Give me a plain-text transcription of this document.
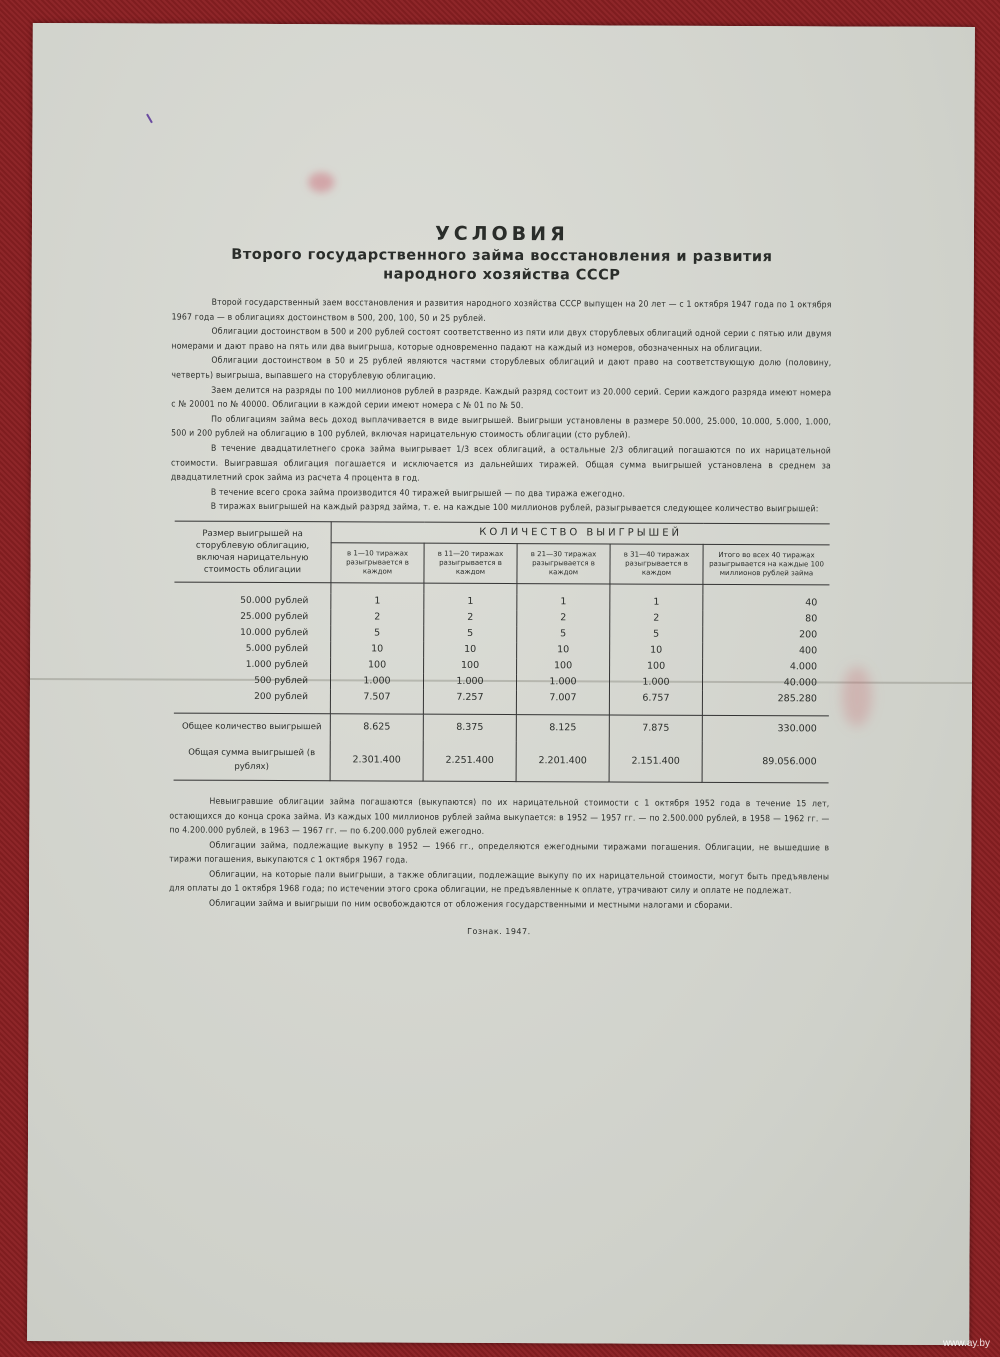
УСЛОВИЯ
Второго государственного займа восстановления и развития
народного хозяйства СССР

Второй государственный заем восстановления и развития народного хозяйства СССР выпущен на 20 лет — с 1 октября 1947 года по 1 октября 1967 года — в облигациях достоинством в 500, 200, 100, 50 и 25 рублей.

Облигации достоинством в 500 и 200 рублей состоят соответственно из пяти или двух сторублевых облигаций одной серии с пятью или двумя номерами и дают право на пять или два выигрыша, которые одновременно падают на каждый из номеров, обозначенных на облигации.

Облигации достоинством в 50 и 25 рублей являются частями сторублевых облигаций и дают право на соответствующую долю (половину, четверть) выигрыша, выпавшего на сторублевую облигацию.

Заем делится на разряды по 100 миллионов рублей в разряде. Каждый разряд состоит из 20.000 серий. Серии каждого разряда имеют номера с № 20001 по № 40000. Облигации в каждой серии имеют номера с № 01 по № 50.

По облигациям займа весь доход выплачивается в виде выигрышей. Выигрыши установлены в размере 50.000, 25.000, 10.000, 5.000, 1.000, 500 и 200 рублей на облигацию в 100 рублей, включая нарицательную стоимость облигации (сто рублей).

В течение двадцатилетнего срока займа выигрывает 1/3 всех облигаций, а остальные 2/3 облигаций погашаются по их нарицательной стоимости. Выигравшая облигация погашается и исключается из дальнейших тиражей. Общая сумма выигрышей установлена в среднем за двадцатилетний срок займа из расчета 4 процента в год.

В течение всего срока займа производится 40 тиражей выигрышей — по два тиража ежегодно.

В тиражах выигрышей на каждый разряд займа, т. е. на каждые 100 миллионов рублей, разыгрывается следующее количество выигрышей:

Размер выигрышей на сторублевую облигацию, включая нарицательную стоимость облигации	КОЛИЧЕСТВО ВЫИГРЫШЕЙ				
	в 1—10 тиражах разыгрывается в каждом	в 11—20 тиражах разыгрывается в каждом	в 21—30 тиражах разыгрывается в каждом	в 31—40 тиражах разыгрывается в каждом	Итого во всех 40 тиражах разыгрывается на каждые 100 миллионов рублей займа

50.000 рублей	1	1	1	1	40
25.000 рублей	2	2	2	2	80
10.000 рублей	5	5	5	5	200
5.000 рублей	10	10	10	10	400
1.000 рублей	100	100	100	100	4.000
500 рублей	1.000	1.000	1.000	1.000	40.000
200 рублей	7.507	7.257	7.007	6.757	285.280
Общее количество выигрышей	8.625	8.375	8.125	7.875	330.000
Общая сумма выигрышей (в рублях)	2.301.400	2.251.400	2.201.400	2.151.400	89.056.000

Невыигравшие облигации займа погашаются (выкупаются) по их нарицательной стоимости с 1 октября 1952 года в течение 15 лет, остающихся до конца срока займа. Из каждых 100 миллионов рублей займа выкупается: в 1952 — 1957 гг. — по 2.500.000 рублей, в 1958 — 1962 гг. — по 4.200.000 рублей, в 1963 — 1967 гг. — по 6.200.000 рублей ежегодно.

Облигации займа, подлежащие выкупу в 1952 — 1966 гг., определяются ежегодными тиражами погашения. Облигации, не вышедшие в тиражи погашения, выкупаются с 1 октября 1967 года.

Облигации, на которые пали выигрыши, а также облигации, подлежащие выкупу по их нарицательной стоимости, могут быть предъявлены для оплаты до 1 октября 1968 года; по истечении этого срока облигации, не предъявленные к оплате, утрачивают силу и оплате не подлежат.

Облигации займа и выигрыши по ним освобождаются от обложения государственными и местными налогами и сборами.

Гознак. 1947.
www.ay.by
